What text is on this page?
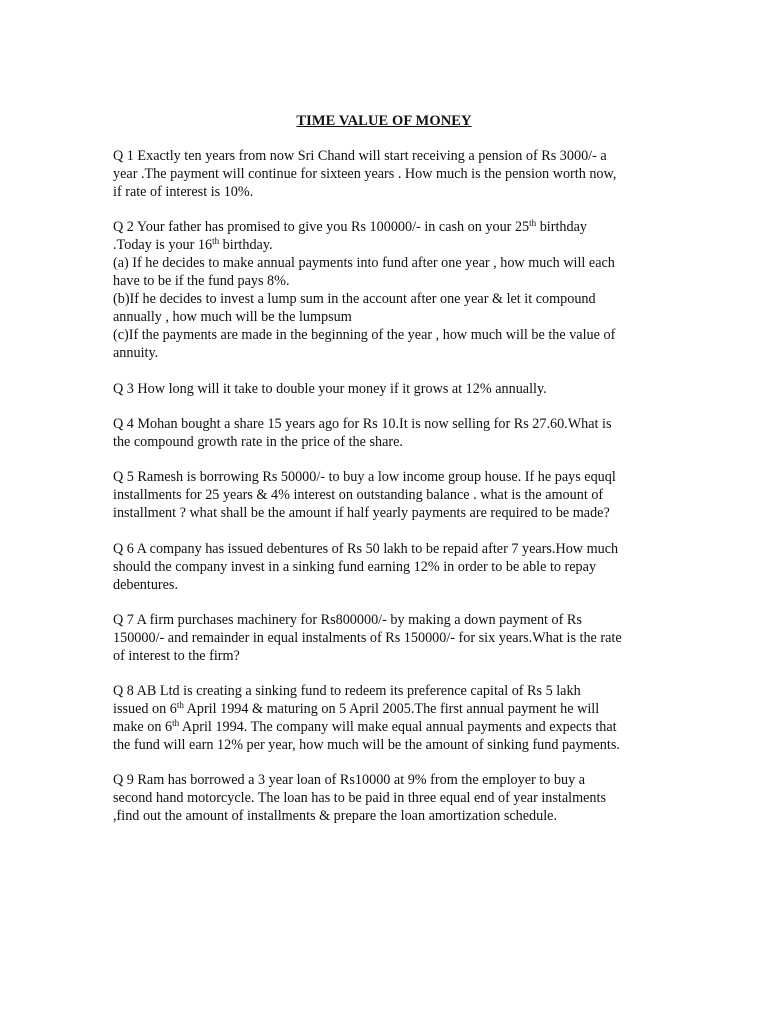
TIME VALUE OF MONEY
Q 1 Exactly ten years from now Sri Chand will start receiving a pension of Rs 3000/- a
year .The payment will continue for sixteen years . How much is the pension worth now,
if rate of interest is 10%.
Q 2 Your father has promised to give you Rs 100000/- in cash on your 25th birthday
.Today is your 16th birthday.
(a) If he decides to make annual payments into fund after one year , how much will each
have to be if the fund pays 8%.
(b)If he decides to invest a lump sum in the account after one year & let it compound
annually , how much will be the lumpsum
(c)If the payments are made in the beginning of the year , how much will be the value of
annuity.
Q 3 How long will it take to double your money if it grows at 12% annually.
Q 4 Mohan bought a share 15 years ago for Rs 10.It is now selling for Rs 27.60.What is
the compound growth rate in the price of the share.
Q 5 Ramesh is borrowing Rs 50000/- to buy a low income group house. If he pays equql
installments for 25 years & 4% interest on outstanding balance . what is the amount of
installment ? what shall be the amount if half yearly payments are required to be made?
Q 6 A company has issued debentures of Rs 50 lakh to be repaid after 7 years.How much
should the company invest in a sinking fund earning 12% in order to be able to repay
debentures.
Q 7 A firm purchases machinery for Rs800000/- by making a down payment of Rs
150000/- and remainder in equal instalments of Rs 150000/- for six years.What is the rate
of interest to the firm?
Q 8 AB Ltd is creating a sinking fund to redeem its preference capital of Rs 5 lakh
issued on 6th April 1994 & maturing on 5 April 2005.The first annual payment he will
make on 6th April 1994. The company will make equal annual payments and expects that
the fund will earn 12% per year, how much will be the amount of sinking fund payments.
Q 9 Ram has borrowed a 3 year loan of Rs10000 at 9% from the employer to buy a
second hand motorcycle. The loan has to be paid in three equal end of year instalments
,find out the amount of installments & prepare the loan amortization schedule.
